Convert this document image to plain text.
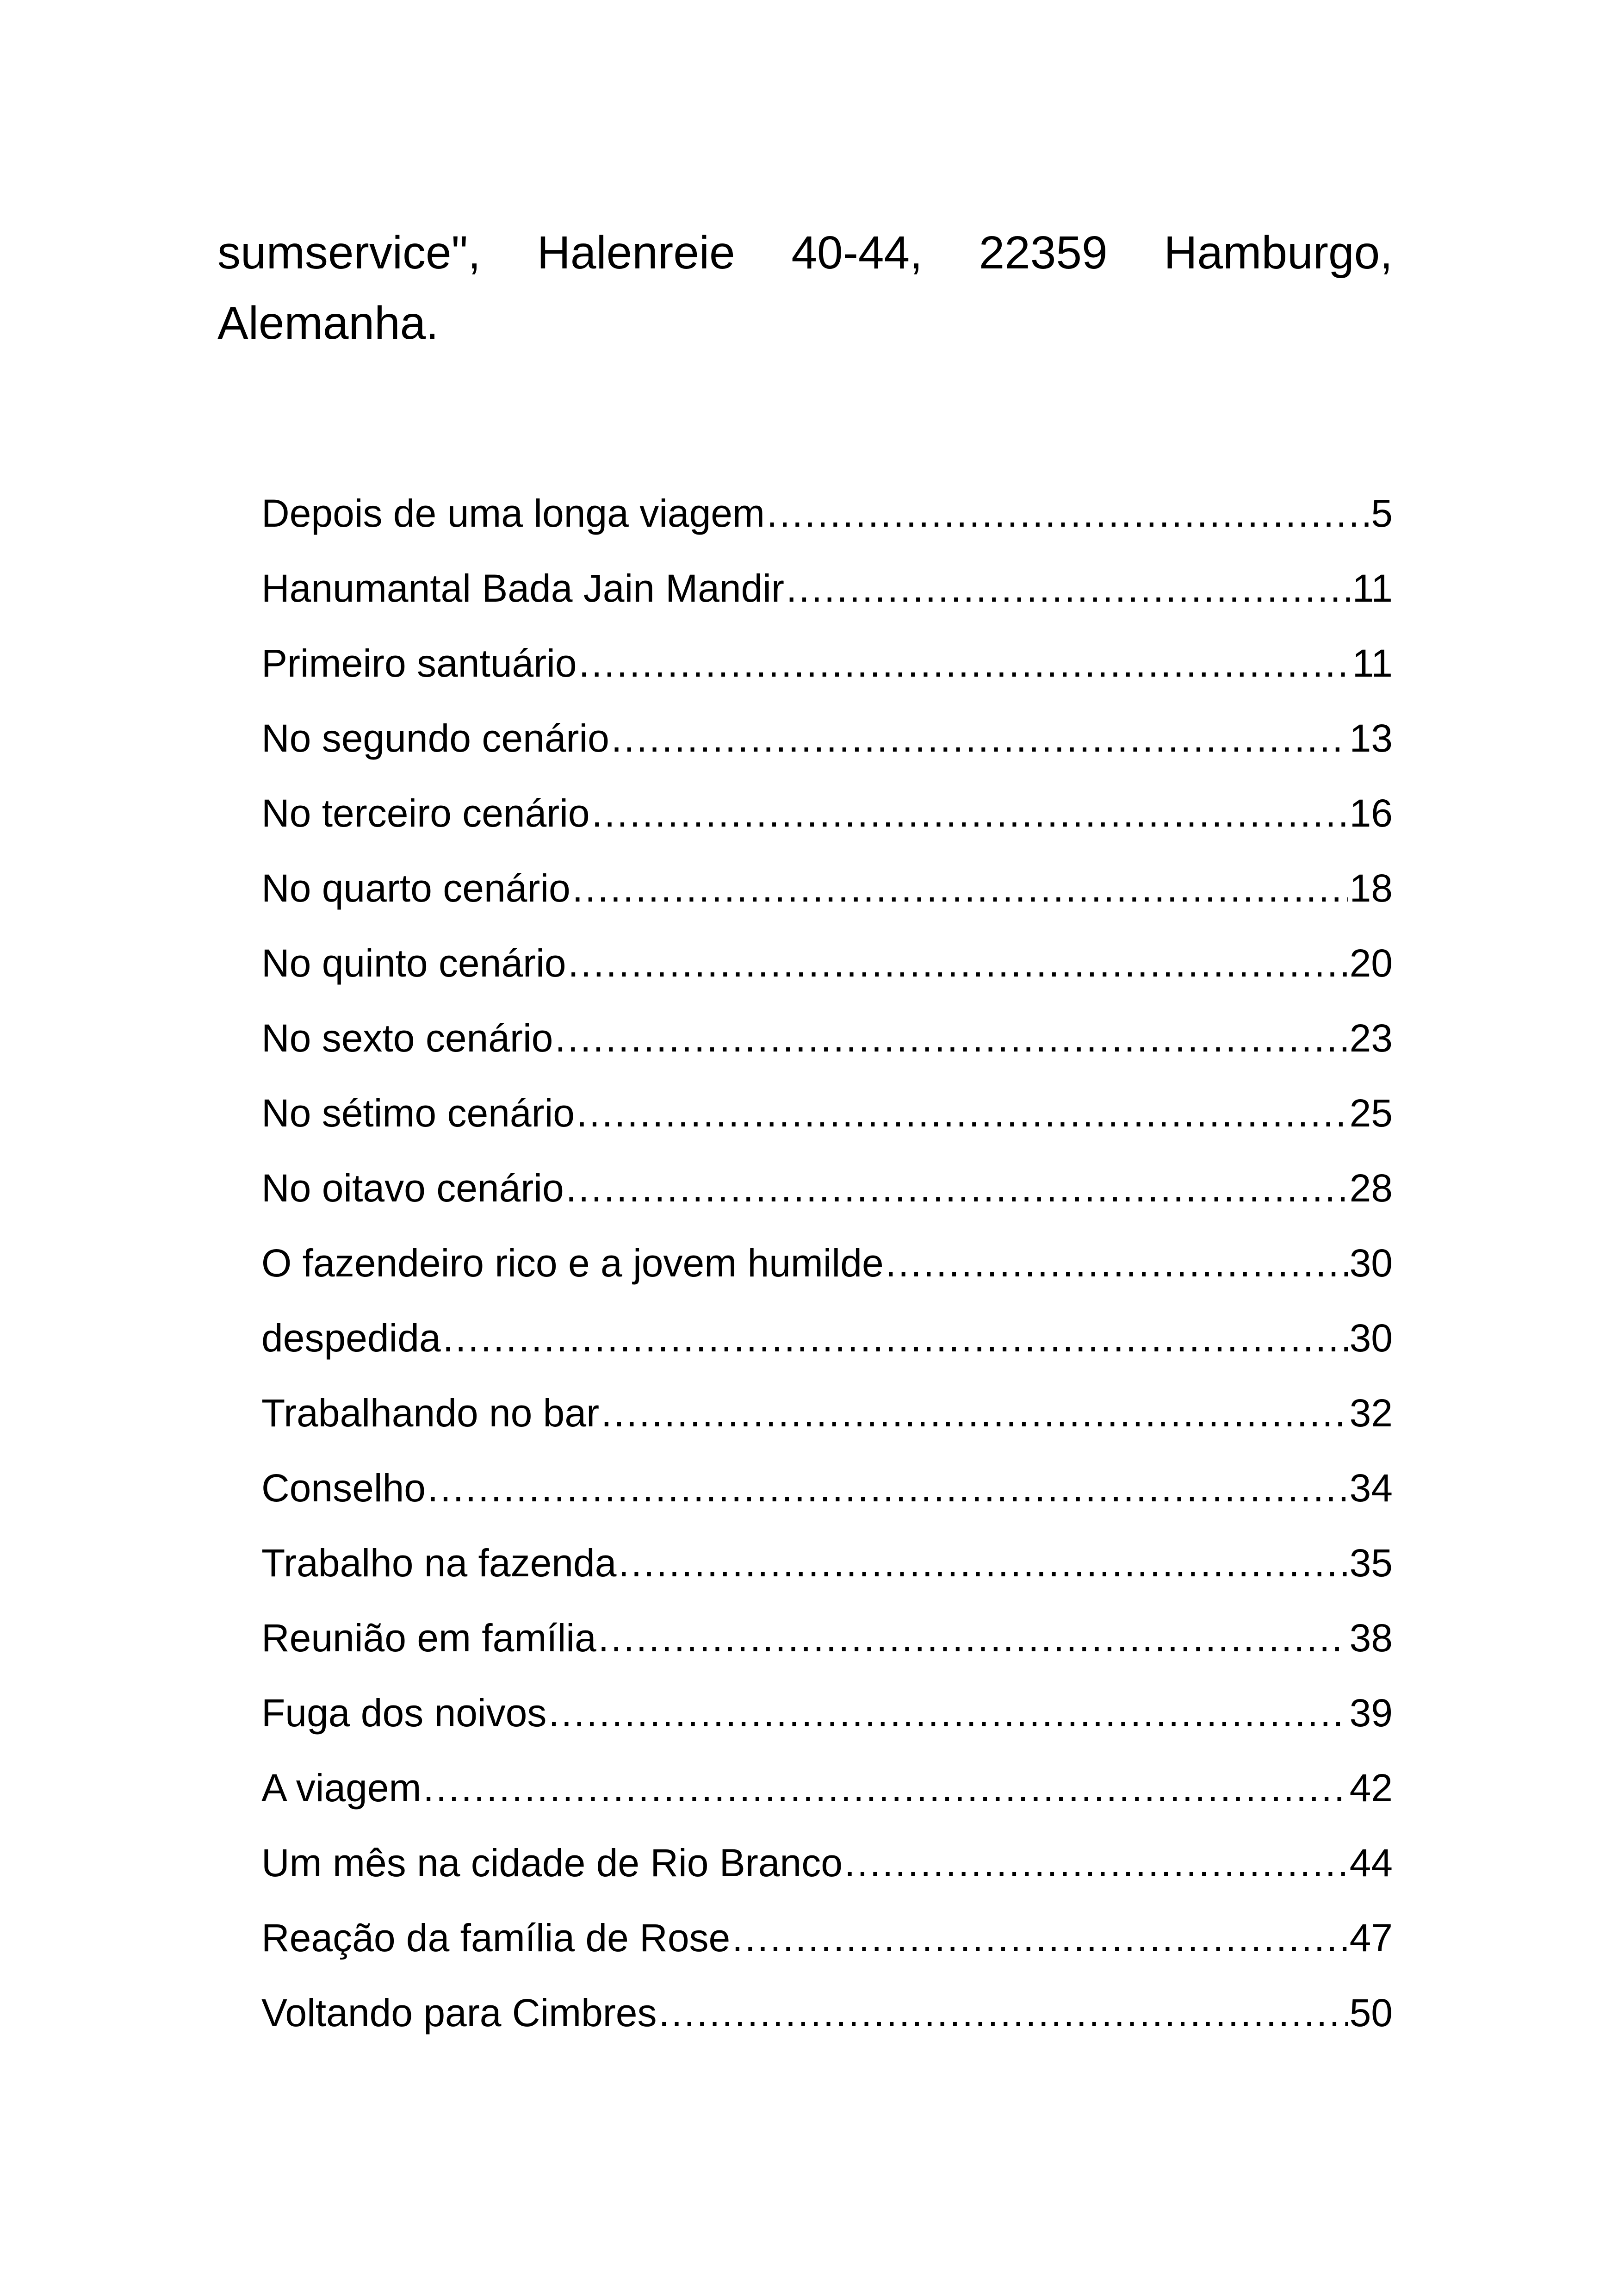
sumservice", Halenreie 40-44, 22359 Hamburgo, Alemanha.

Depois de uma longa viagem .....	5
Hanumantal Bada Jain Mandir .....	11
Primeiro santuário .....	11
No segundo cenário .....	13
No terceiro cenário .....	16
No quarto cenário .....	18
No quinto cenário .....	20
No sexto cenário .....	23
No sétimo cenário .....	25
No oitavo cenário .....	28
O fazendeiro rico e a jovem humilde .....	30
despedida .....	30
Trabalhando no bar .....	32
Conselho .....	34
Trabalho na fazenda .....	35
Reunião em família .....	38
Fuga dos noivos .....	39
A viagem .....	42
Um mês na cidade de Rio Branco .....	44
Reação da família de Rose .....	47
Voltando para Cimbres .....	50
